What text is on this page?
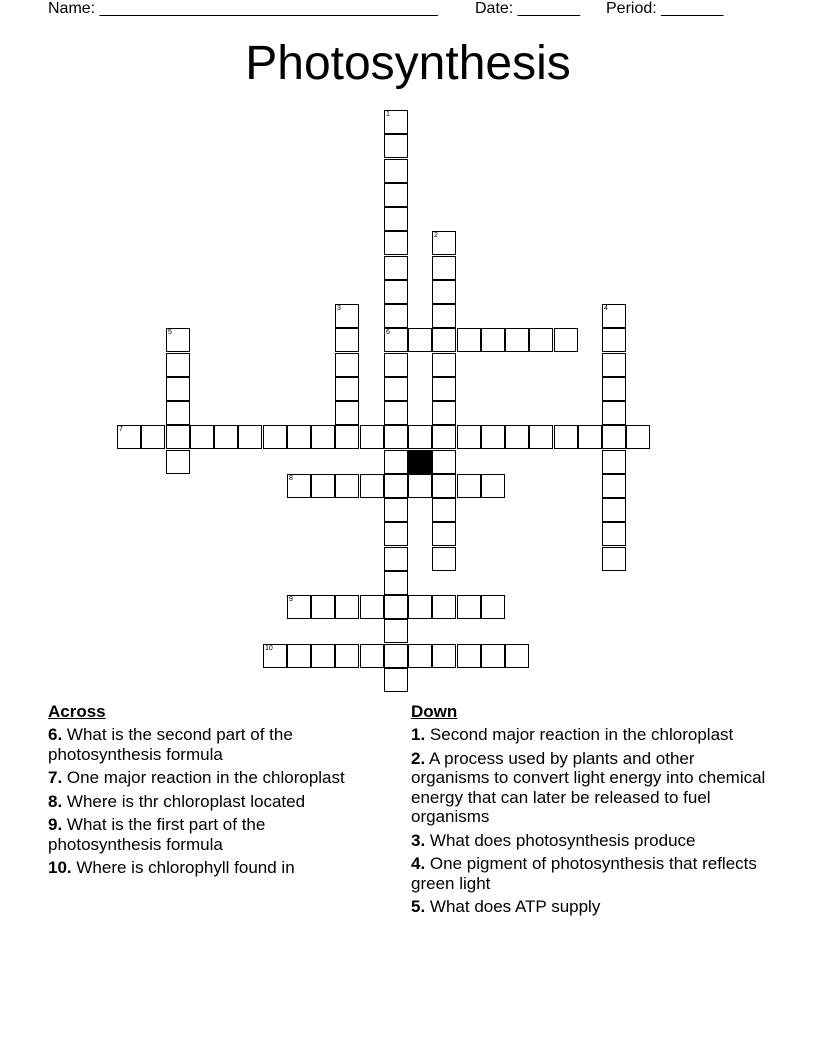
Name: ______________________________________ Date: _______ Period: _______
Photosynthesis
1
6
2
3	4
5
7
8
9
10
Across
6. What is the second part of the photosynthesis formula
7. One major reaction in the chloroplast
8. Where is thr chloroplast located
9. What is the first part of the photosynthesis formula
10. Where is chlorophyll found in
Down
1. Second major reaction in the chloroplast
2. A process used by plants and other organisms to convert light energy into chemical energy that can later be released to fuel organisms
3. What does photosynthesis produce
4. One pigment of photosynthesis that reflects green light
5. What does ATP supply
